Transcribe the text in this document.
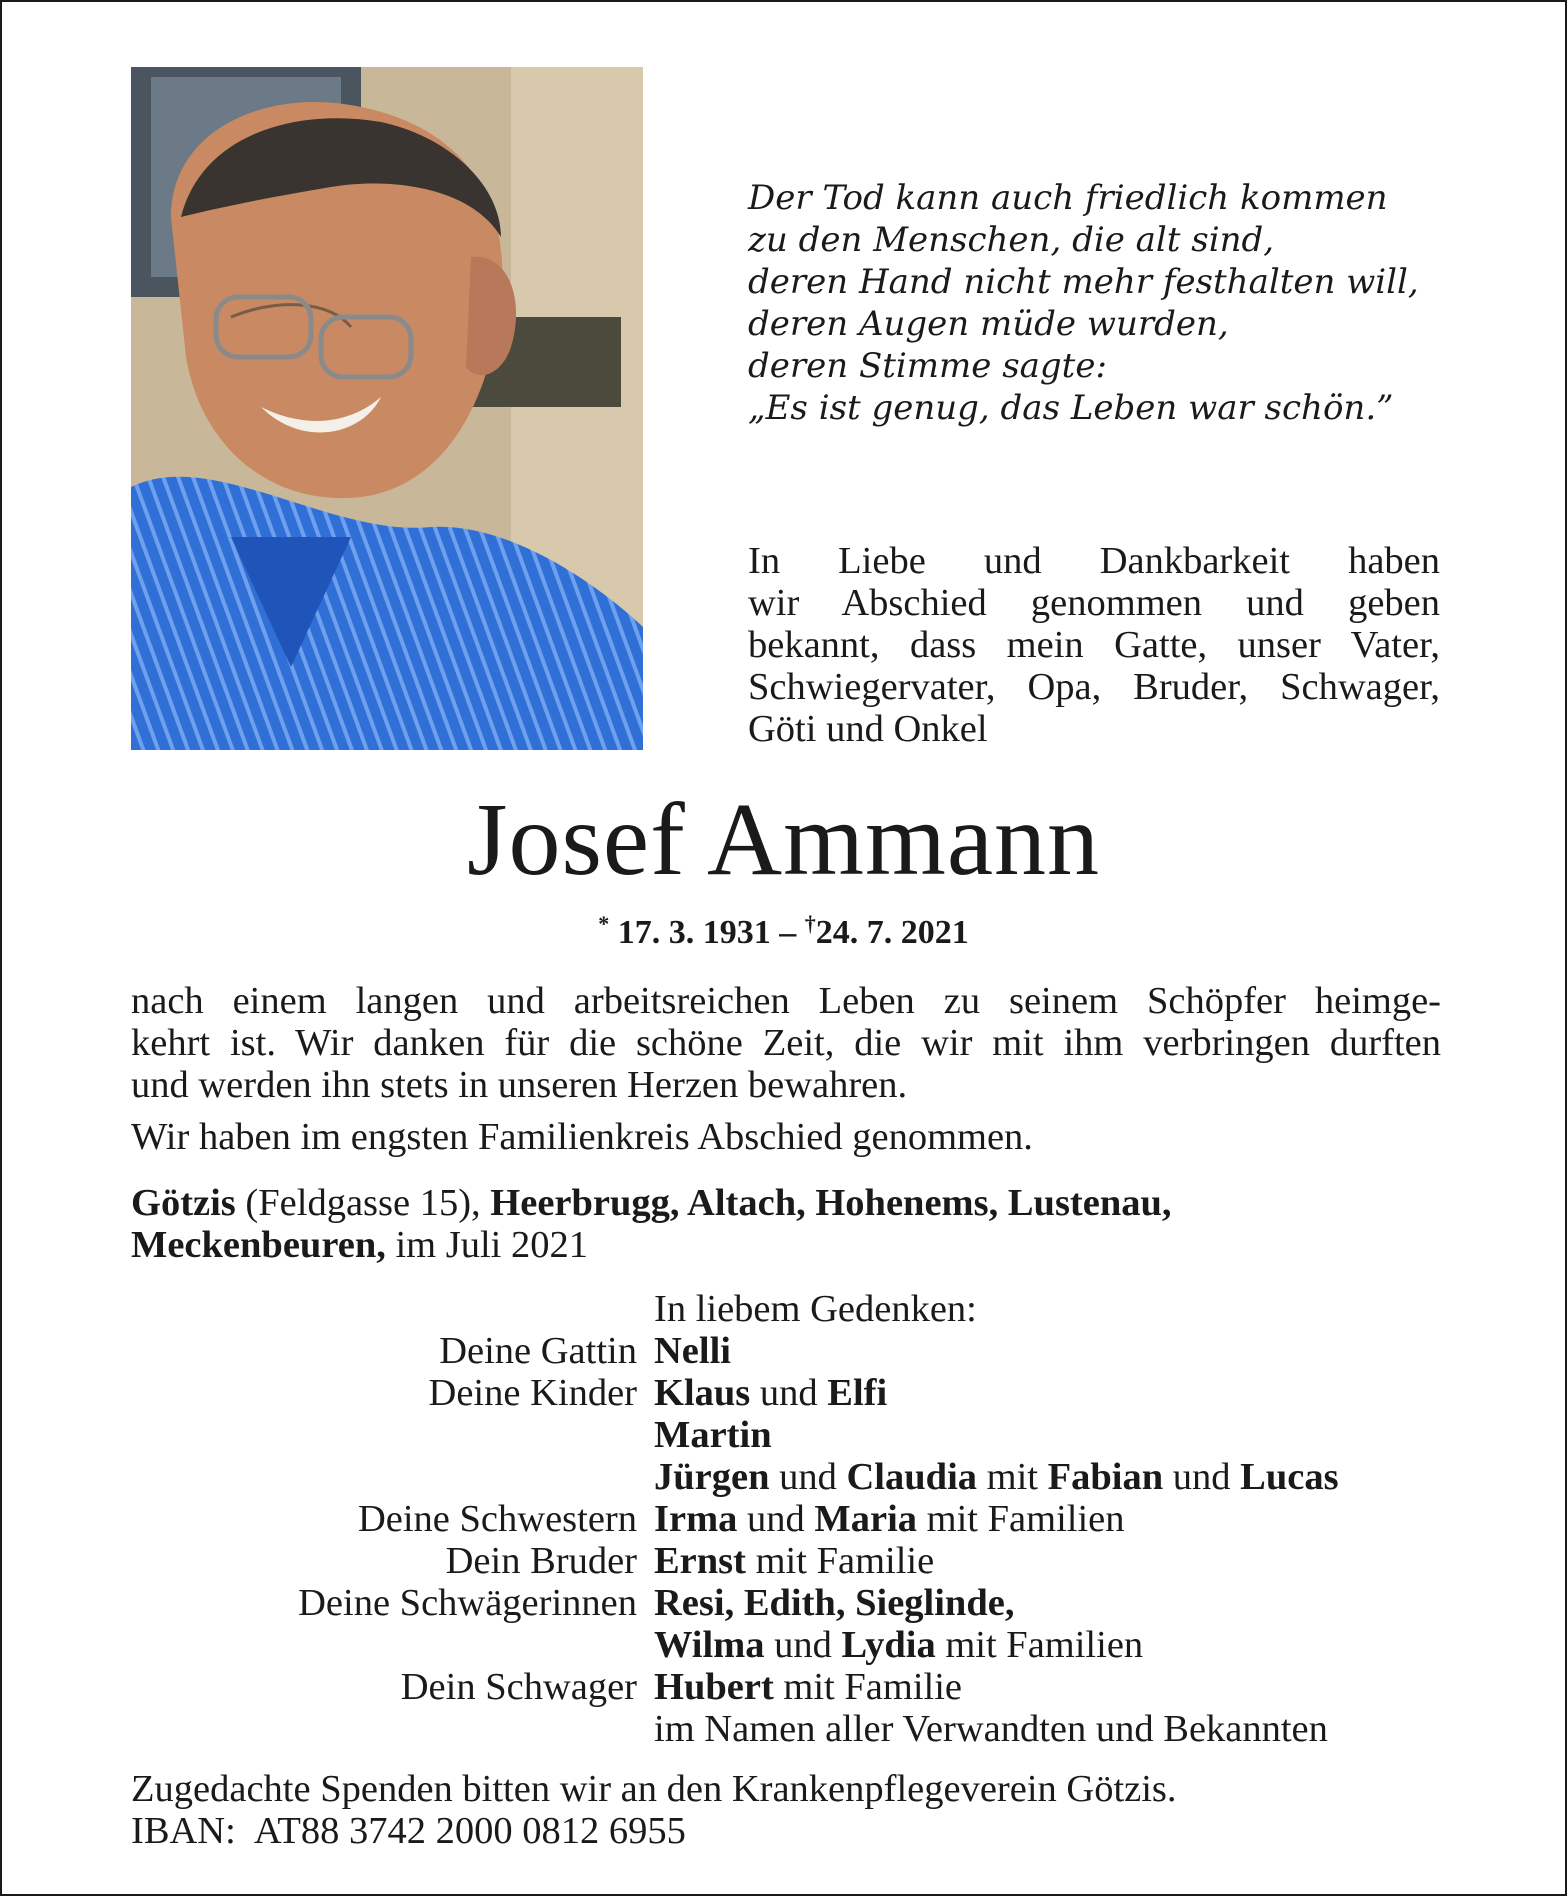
Der Tod kann auch friedlich kommen
zu den Menschen, die alt sind,
deren Hand nicht mehr festhalten will,
deren Augen müde wurden,
deren Stimme sagte:
„Es ist genug, das Leben war schön.”
In Liebe und Dankbarkeit haben
wir Abschied genommen und geben
bekannt, dass mein Gatte, unser Vater,
Schwiegervater, Opa, Bruder, Schwager,
Göti und Onkel
Josef Ammann
* 17. 3. 1931 – †24. 7. 2021
nach einem langen und arbeitsreichen Leben zu seinem Schöpfer heimge-
kehrt ist. Wir danken für die schöne Zeit, die wir mit ihm verbringen durften
und werden ihn stets in unseren Herzen bewahren.
Wir haben im engsten Familienkreis Abschied genommen.
Götzis (Feldgasse 15), Heerbrugg, Altach, Hohenems, Lustenau,
Meckenbeuren, im Juli 2021
In liebem Gedenken:
Deine Gattin Nelli
Deine Kinder Klaus und Elfi
Martin
Jürgen und Claudia mit Fabian und Lucas
Deine Schwestern Irma und Maria mit Familien
Dein Bruder Ernst mit Familie
Deine Schwägerinnen Resi, Edith, Sieglinde,
Wilma und Lydia mit Familien
Dein Schwager Hubert mit Familie
im Namen aller Verwandten und Bekannten
Zugedachte Spenden bitten wir an den Krankenpflegeverein Götzis.
IBAN: AT88 3742 2000 0812 6955
